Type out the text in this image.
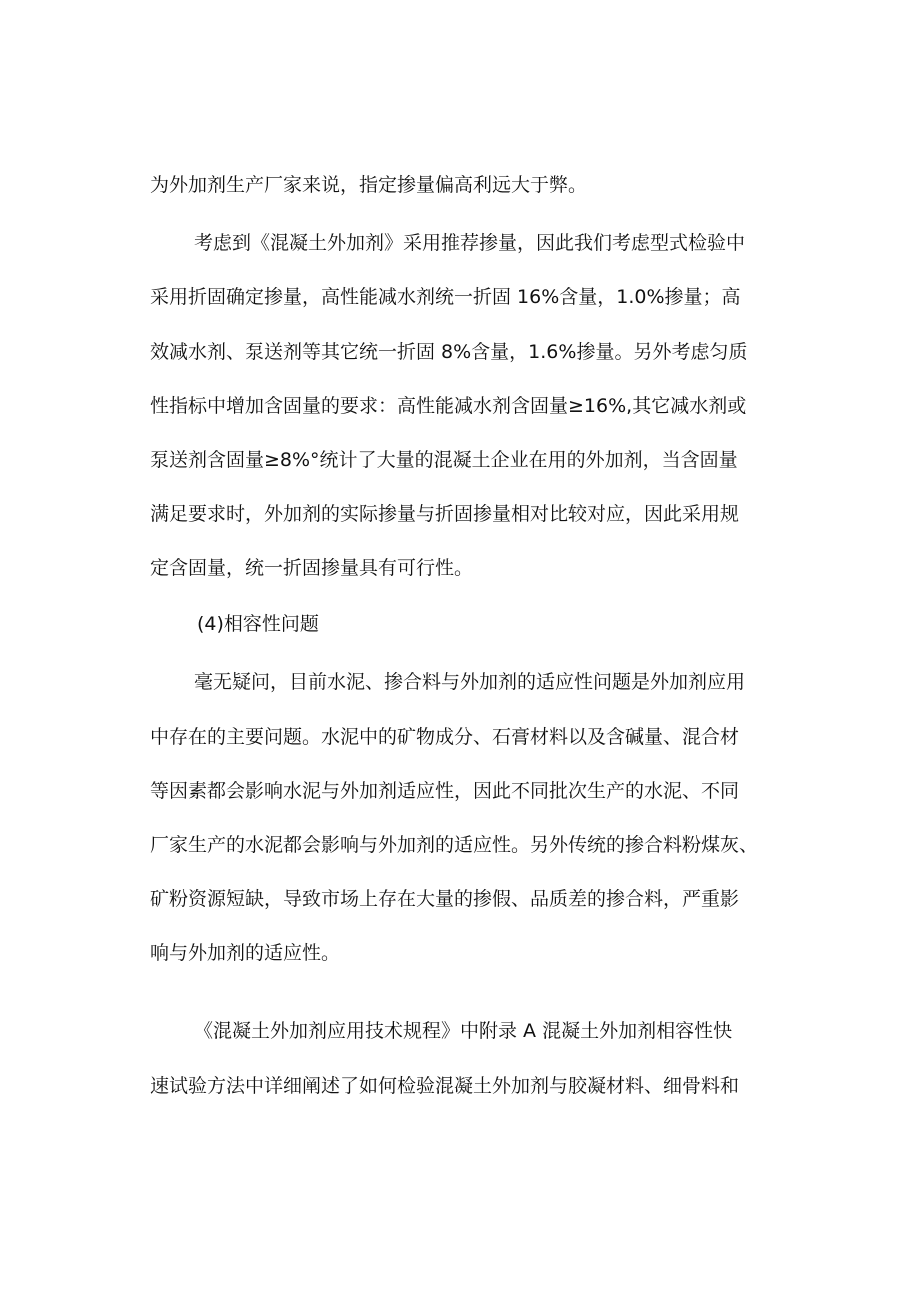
为外加剂生产厂家来说，指定掺量偏高利远大于弊。
考虑到《混凝土外加剂》采用推荐掺量，因此我们考虑型式检验中
采用折固确定掺量，高性能减水剂统一折固 16%含量，1.0%掺量；高
效减水剂、泵送剂等其它统一折固 8%含量，1.6%掺量。另外考虑匀质
性指标中增加含固量的要求：高性能减水剂含固量≥16%,其它减水剂或
泵送剂含固量≥8%°统计了大量的混凝土企业在用的外加剂，当含固量
满足要求时，外加剂的实际掺量与折固掺量相对比较对应，因此采用规
定含固量，统一折固掺量具有可行性。
(4)相容性问题
毫无疑问，目前水泥、掺合料与外加剂的适应性问题是外加剂应用
中存在的主要问题。水泥中的矿物成分、石膏材料以及含碱量、混合材
等因素都会影响水泥与外加剂适应性，因此不同批次生产的水泥、不同
厂家生产的水泥都会影响与外加剂的适应性。另外传统的掺合料粉煤灰、
矿粉资源短缺，导致市场上存在大量的掺假、品质差的掺合料，严重影
响与外加剂的适应性。
《混凝土外加剂应用技术规程》中附录 A 混凝土外加剂相容性快
速试验方法中详细阐述了如何检验混凝土外加剂与胶凝材料、细骨料和
